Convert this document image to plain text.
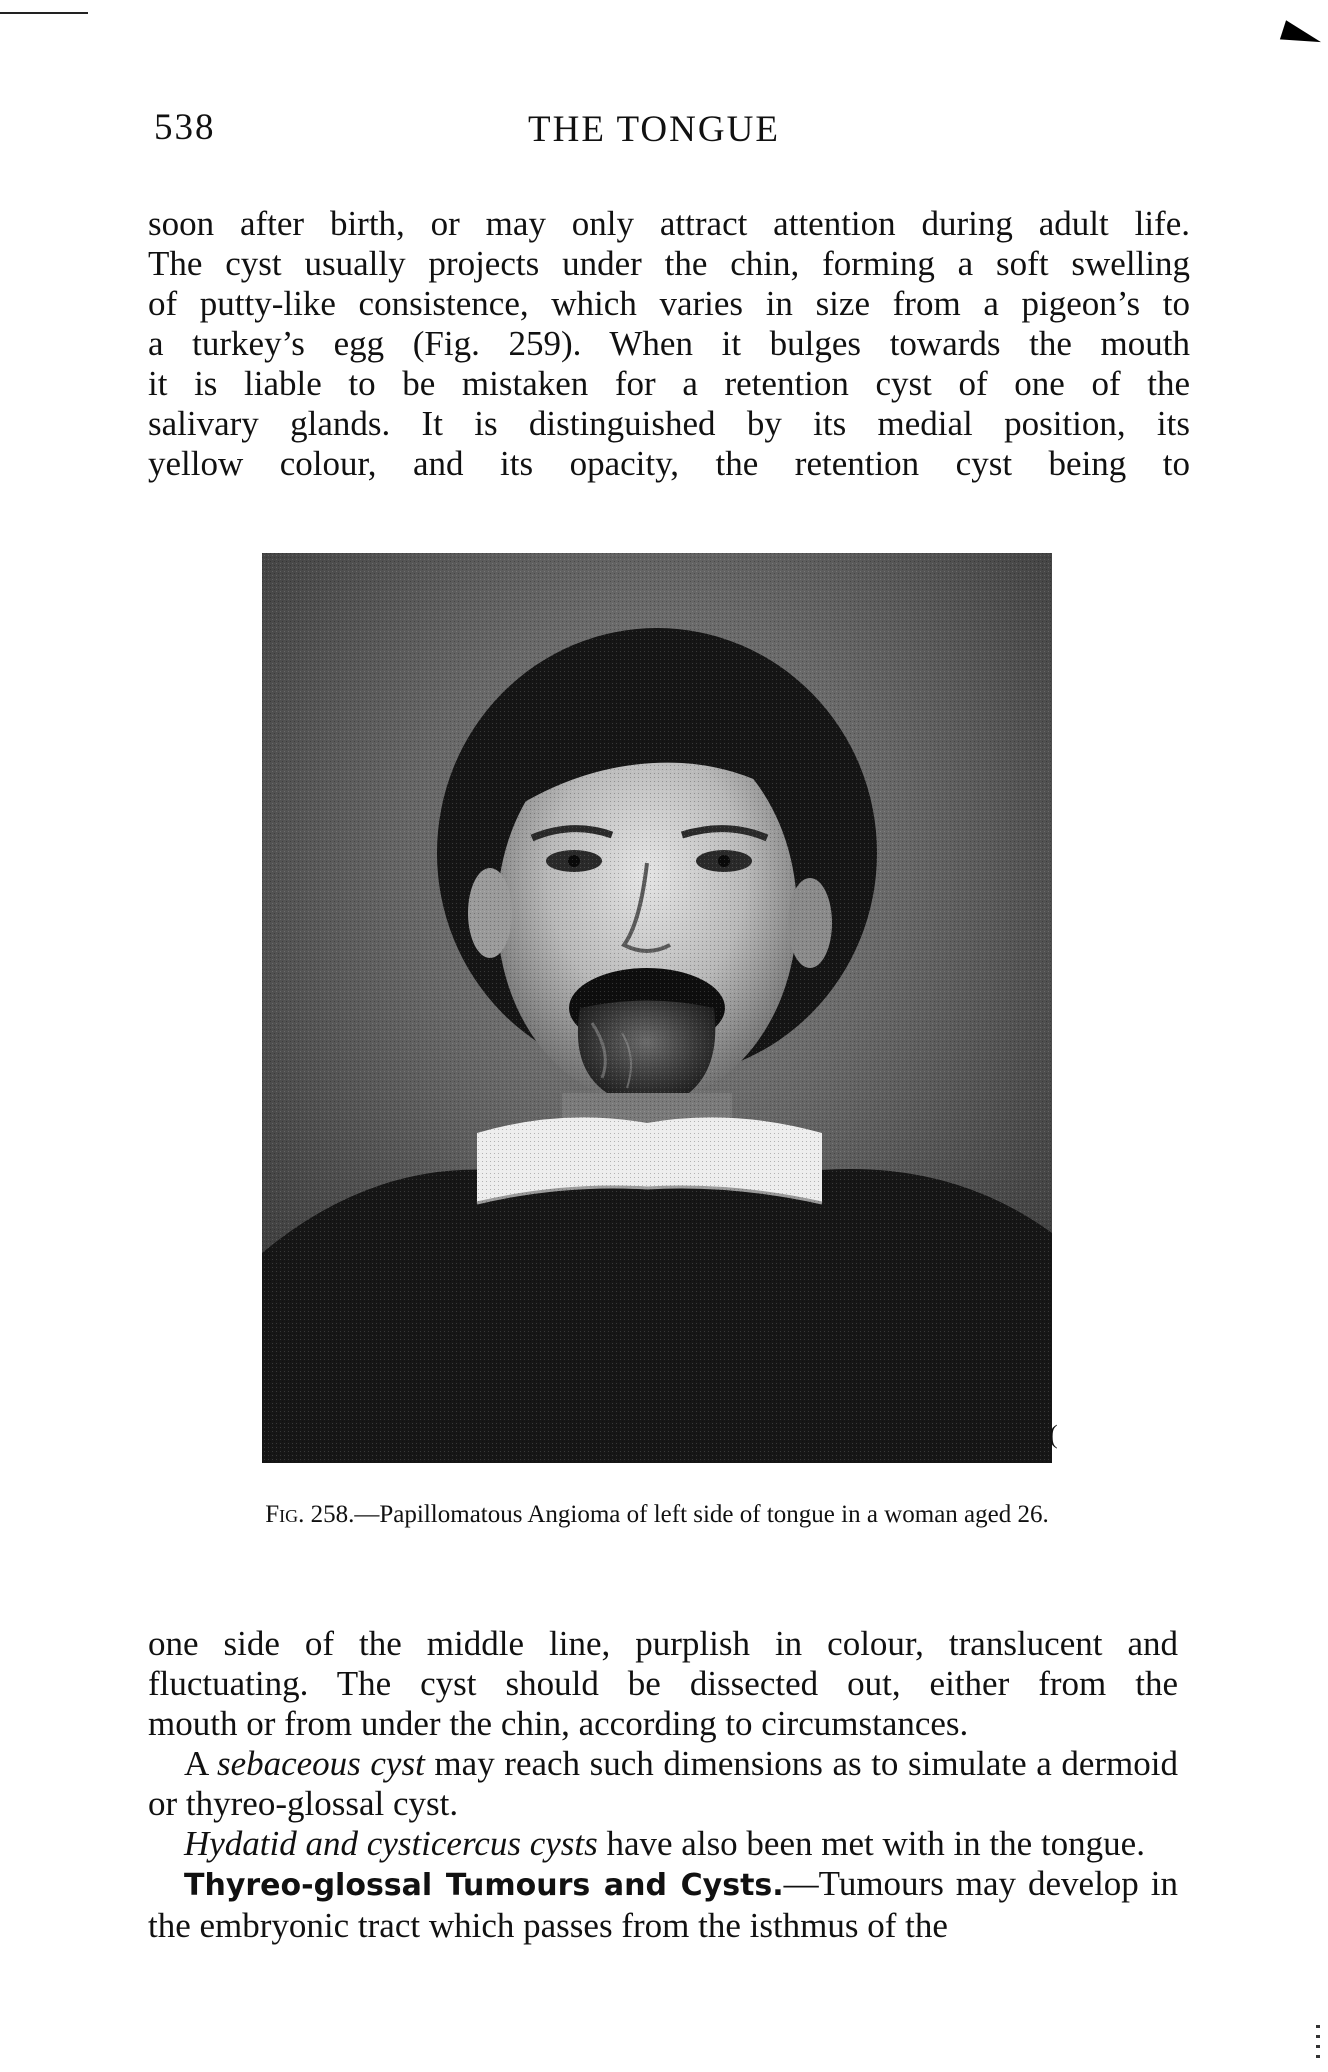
538	THE TONGUE

soon after birth, or may only attract attention during adult life.

The cyst usually projects under the chin, forming a soft swelling

of putty-like consistence, which varies in size from a pigeon’s to

a turkey’s egg (Fig. 259). When it bulges towards the mouth

it is liable to be mistaken for a retention cyst of one of the

salivary glands. It is distinguished by its medial position, its

yellow colour, and its opacity, the retention cyst being to

(
Fig. 258.—Papillomatous Angioma of left side of tongue in a woman aged 26.

one side of the middle line, purplish in colour, translucent and

fluctuating. The cyst should be dissected out, either from the

mouth or from under the chin, according to circumstances.

A sebaceous cyst may reach such dimensions as to simulate a dermoid or thyreo-glossal cyst.

Hydatid and cysticercus cysts have also been met with in the tongue.

Thyreo-glossal Tumours and Cysts.—Tumours may develop in the embryonic tract which passes from the isthmus of the
